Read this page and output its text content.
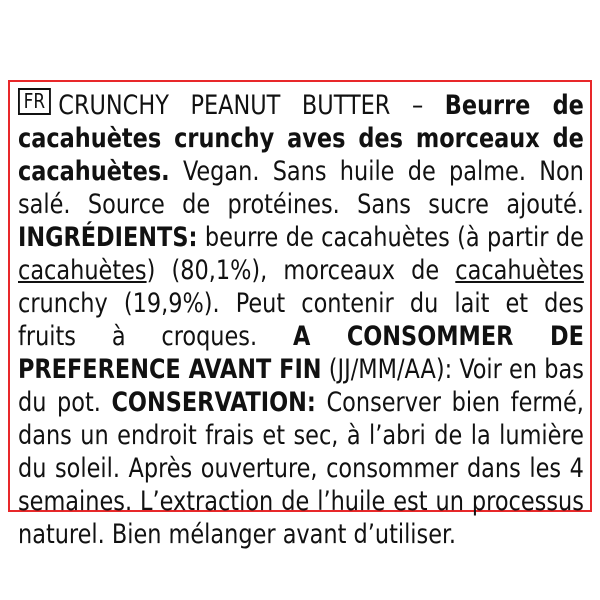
FR CRUNCHY PEANUT BUTTER – Beurre de cacahuètes crunchy aves des morceaux de cacahuètes. Vegan. Sans huile de palme. Non salé. Source de protéines. Sans sucre ajouté. INGRÉDIENTS: beurre de cacahuètes (à partir de cacahuètes) (80,1%), morceaux de cacahuètes crunchy (19,9%). Peut contenir du lait et des fruits à croques. A CONSOMMER DE PREFERENCE AVANT FIN (JJ/MM/AA): Voir en bas du pot. CONSERVATION: Conserver bien fermé, dans un endroit frais et sec, à l’abri de la lumière du soleil. Après ouverture, consommer dans les 4 semaines. L’extraction de l’huile est un processus naturel. Bien mélanger avant d’utiliser.
